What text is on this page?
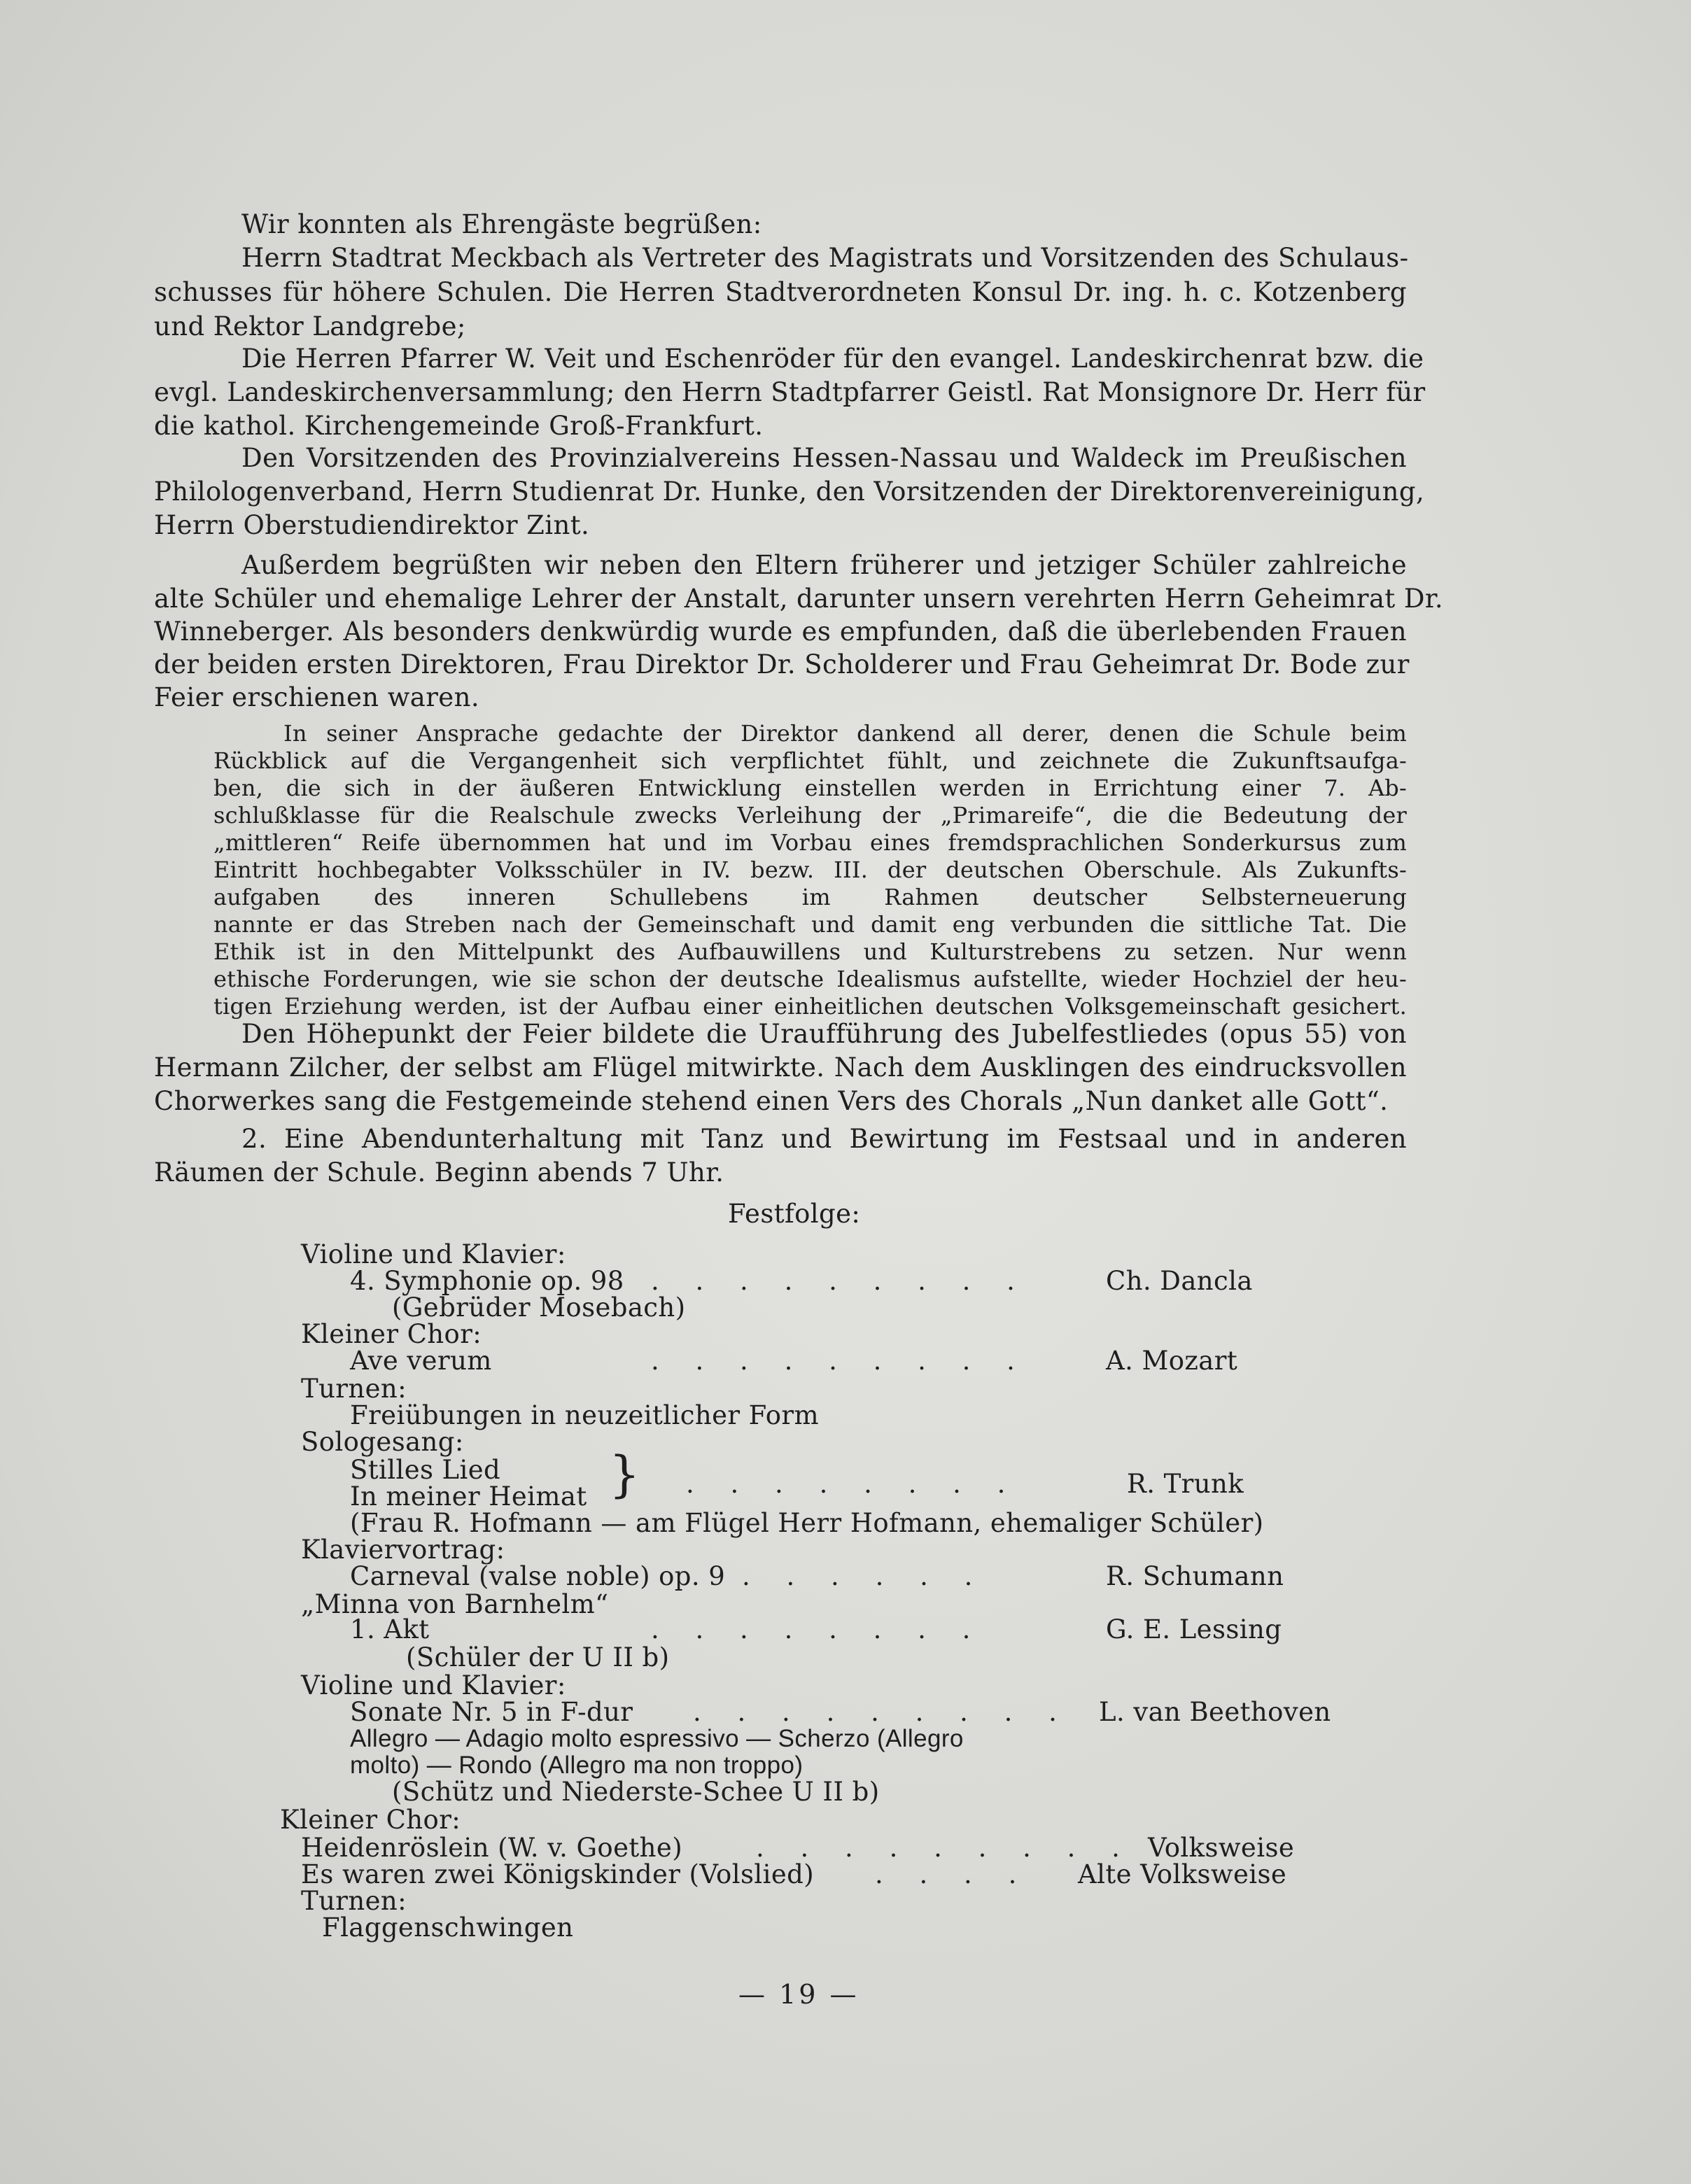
Wir konnten als Ehrengäste begrüßen:
Herrn Stadtrat Meckbach als Vertreter des Magistrats und Vorsitzenden des Schulaus-
schusses für höhere Schulen. Die Herren Stadtverordneten Konsul Dr. ing. h. c. Kotzenberg
und Rektor Landgrebe;
Die Herren Pfarrer W. Veit und Eschenröder für den evangel. Landeskirchenrat bzw. die
evgl. Landeskirchenversammlung; den Herrn Stadtpfarrer Geistl. Rat Monsignore Dr. Herr für
die kathol. Kirchengemeinde Groß-Frankfurt.
Den Vorsitzenden des Provinzialvereins Hessen-Nassau und Waldeck im Preußischen
Philologenverband, Herrn Studienrat Dr. Hunke, den Vorsitzenden der Direktorenvereinigung,
Herrn Oberstudiendirektor Zint.
Außerdem begrüßten wir neben den Eltern früherer und jetziger Schüler zahlreiche
alte Schüler und ehemalige Lehrer der Anstalt, darunter unsern verehrten Herrn Geheimrat Dr.
Winneberger. Als besonders denkwürdig wurde es empfunden, daß die überlebenden Frauen
der beiden ersten Direktoren, Frau Direktor Dr. Scholderer und Frau Geheimrat Dr. Bode zur
Feier erschienen waren.
In seiner Ansprache gedachte der Direktor dankend all derer, denen die Schule beim
Rückblick auf die Vergangenheit sich verpflichtet fühlt, und zeichnete die Zukunftsaufga-
ben, die sich in der äußeren Entwicklung einstellen werden in Errichtung einer 7. Ab-
schlußklasse für die Realschule zwecks Verleihung der „Primareife“, die die Bedeutung der
„mittleren“ Reife übernommen hat und im Vorbau eines fremdsprachlichen Sonderkursus zum
Eintritt hochbegabter Volksschüler in IV. bezw. III. der deutschen Oberschule. Als Zukunfts-
aufgaben des inneren Schullebens im Rahmen deutscher Selbsterneuerung
nannte er das Streben nach der Gemeinschaft und damit eng verbunden die sittliche Tat. Die
Ethik ist in den Mittelpunkt des Aufbauwillens und Kulturstrebens zu setzen. Nur wenn
ethische Forderungen, wie sie schon der deutsche Idealismus aufstellte, wieder Hochziel der heu-
tigen Erziehung werden, ist der Aufbau einer einheitlichen deutschen Volksgemeinschaft gesichert.
Den Höhepunkt der Feier bildete die Uraufführung des Jubelfestliedes (opus 55) von
Hermann Zilcher, der selbst am Flügel mitwirkte. Nach dem Ausklingen des eindrucksvollen
Chorwerkes sang die Festgemeinde stehend einen Vers des Chorals „Nun danket alle Gott“.
2. Eine Abendunterhaltung mit Tanz und Bewirtung im Festsaal und in anderen
Räumen der Schule. Beginn abends 7 Uhr.
Festfolge:
Violine und Klavier:
4. Symphonie op. 98 . . . . . . . . .	Ch. Dancla
(Gebrüder Mosebach)
Kleiner Chor:
Ave verum	. . . . . . . . .	A. Mozart
Turnen:
Freiübungen in neuzeitlicher Form
Sologesang:
Stilles Lied
In meiner Heimat } . . . . . . . .	R. Trunk
(Frau R. Hofmann — am Flügel Herr Hofmann, ehemaliger Schüler)
Klaviervortrag:
Carneval (valse noble) op. 9 . . . . . .	R. Schumann
„Minna von Barnhelm“
1. Akt	. . . . . . . .	G. E. Lessing
(Schüler der U II b)
Violine und Klavier:
Sonate Nr. 5 in F-dur . . . . . . . . . L. van Beethoven
Allegro — Adagio molto espressivo — Scherzo (Allegro
molto) — Rondo (Allegro ma non troppo)
(Schütz und Niederste-Schee U II b)
Kleiner Chor:
Heidenröslein (W. v. Goethe)	. . . . . . . . . Volksweise
Es waren zwei Königskinder (Volslied) . . . . Alte Volksweise
Turnen:
Flaggenschwingen
— 19 —
